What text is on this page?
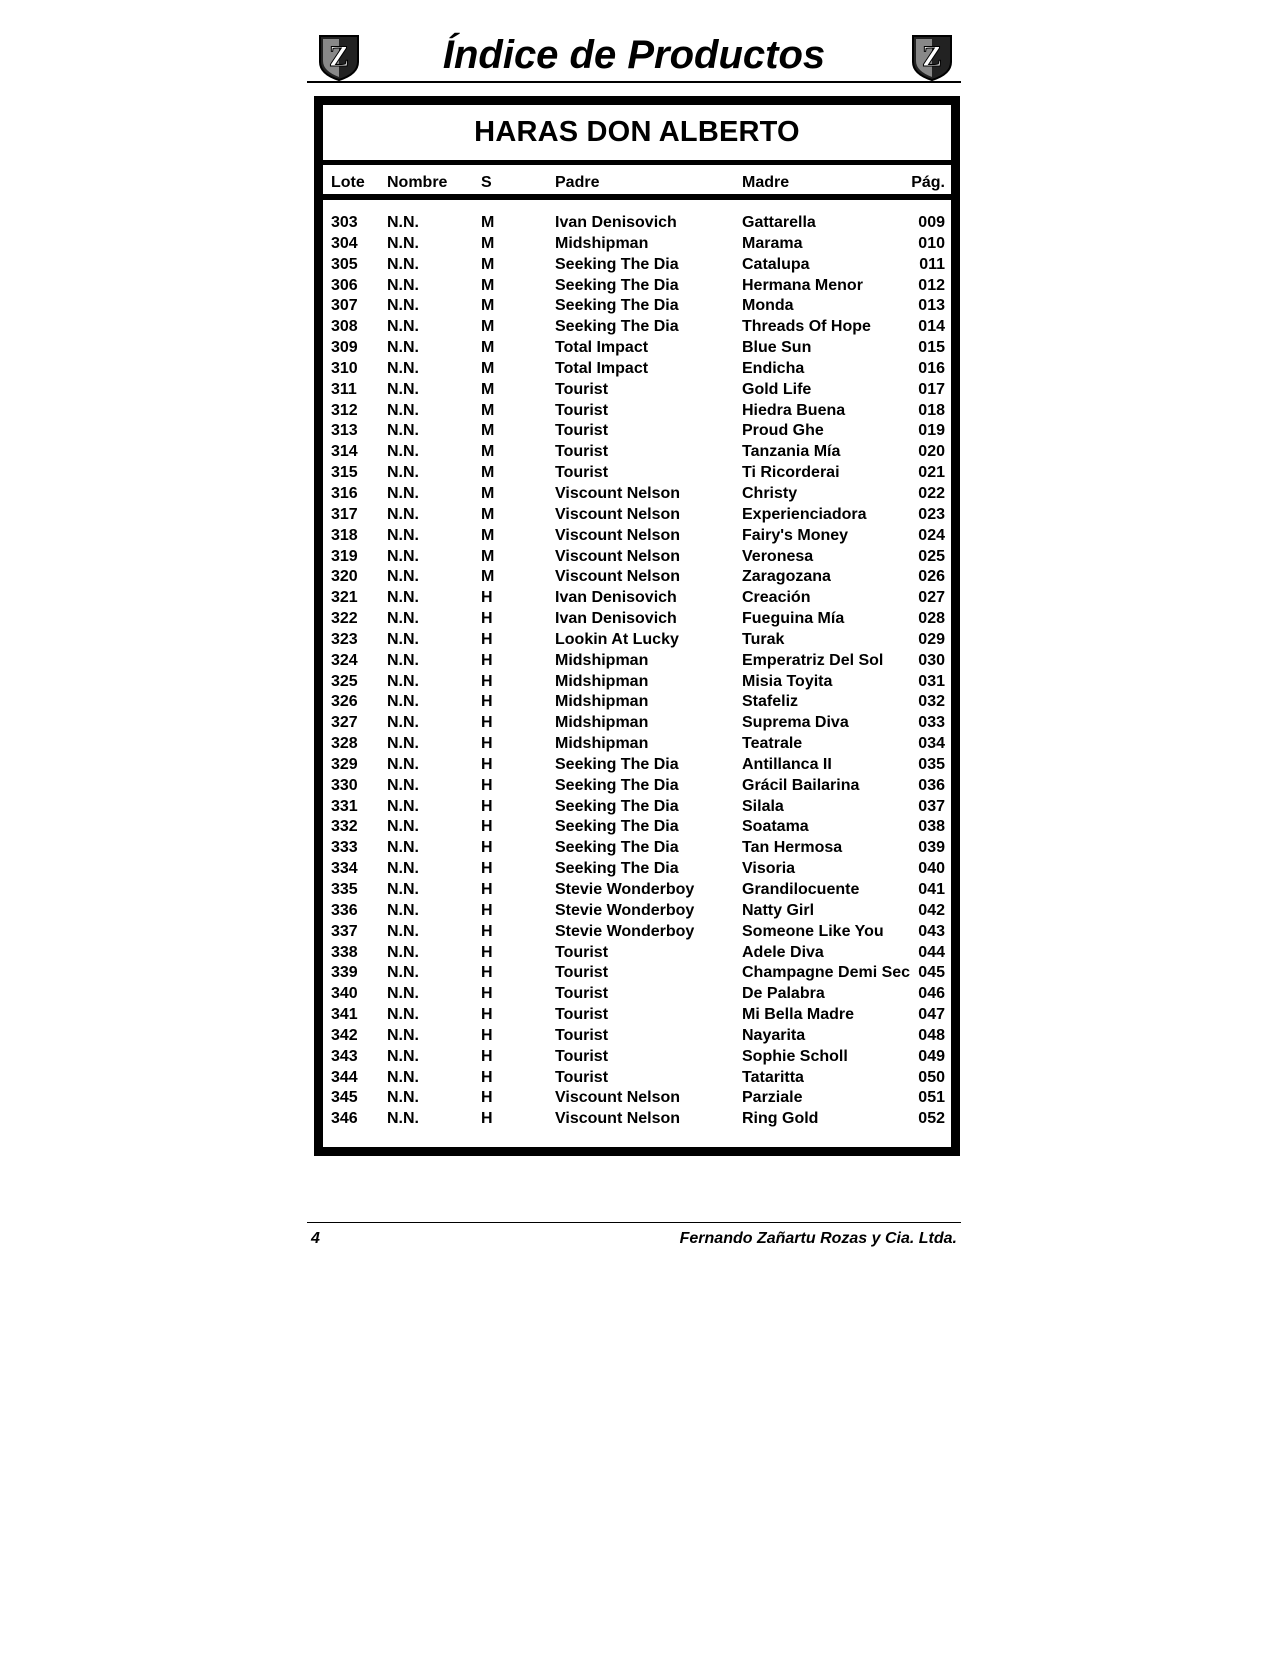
Z	Índice de Productos	Z
HARAS DON ALBERTO
Lote Nombre S	Padre	Madre	Pág.
303 N.N.	M	Ivan Denisovich	Gattarella	009
304 N.N.	M	Midshipman	Marama	010
305 N.N.	M	Seeking The Dia	Catalupa	011
306 N.N.	M	Seeking The Dia	Hermana Menor	012
307 N.N.	M	Seeking The Dia	Monda	013
308 N.N.	M	Seeking The Dia	Threads Of Hope	014
309 N.N.	M	Total Impact	Blue Sun	015
310 N.N.	M	Total Impact	Endicha	016
311 N.N.	M	Tourist	Gold Life	017
312 N.N.	M	Tourist	Hiedra Buena	018
313 N.N.	M	Tourist	Proud Ghe	019
314 N.N.	M	Tourist	Tanzania Mía	020
315 N.N.	M	Tourist	Ti Ricorderai	021
316 N.N.	M	Viscount Nelson	Christy	022
317 N.N.	M	Viscount Nelson	Experienciadora	023
318 N.N.	M	Viscount Nelson	Fairy's Money	024
319 N.N.	M	Viscount Nelson	Veronesa	025
320 N.N.	M	Viscount Nelson	Zaragozana	026
321 N.N.	H	Ivan Denisovich	Creación	027
322 N.N.	H	Ivan Denisovich	Fueguina Mía	028
323 N.N.	H	Lookin At Lucky	Turak	029
324 N.N.	H	Midshipman	Emperatriz Del Sol 030
325 N.N.	H	Midshipman	Misia Toyita	031
326 N.N.	H	Midshipman	Stafeliz	032
327 N.N.	H	Midshipman	Suprema Diva	033
328 N.N.	H	Midshipman	Teatrale	034
329 N.N.	H	Seeking The Dia	Antillanca II	035
330 N.N.	H	Seeking The Dia	Grácil Bailarina	036
331 N.N.	H	Seeking The Dia	Silala	037
332 N.N.	H	Seeking The Dia	Soatama	038
333 N.N.	H	Seeking The Dia	Tan Hermosa	039
334 N.N.	H	Seeking The Dia	Visoria	040
335 N.N.	H	Stevie Wonderboy	Grandilocuente	041
336 N.N.	H	Stevie Wonderboy	Natty Girl	042
337 N.N.	H	Stevie Wonderboy	Someone Like You 043
338 N.N.	H	Tourist	Adele Diva	044
339 N.N.	H	Tourist	Champagne Demi Sec 045
340 N.N.	H	Tourist	De Palabra	046
341 N.N.	H	Tourist	Mi Bella Madre	047
342 N.N.	H	Tourist	Nayarita	048
343 N.N.	H	Tourist	Sophie Scholl	049
344 N.N.	H	Tourist	Tataritta	050
345 N.N.	H	Viscount Nelson	Parziale	051
346 N.N.	H	Viscount Nelson	Ring Gold	052
4	Fernando Zañartu Rozas y Cia. Ltda.
